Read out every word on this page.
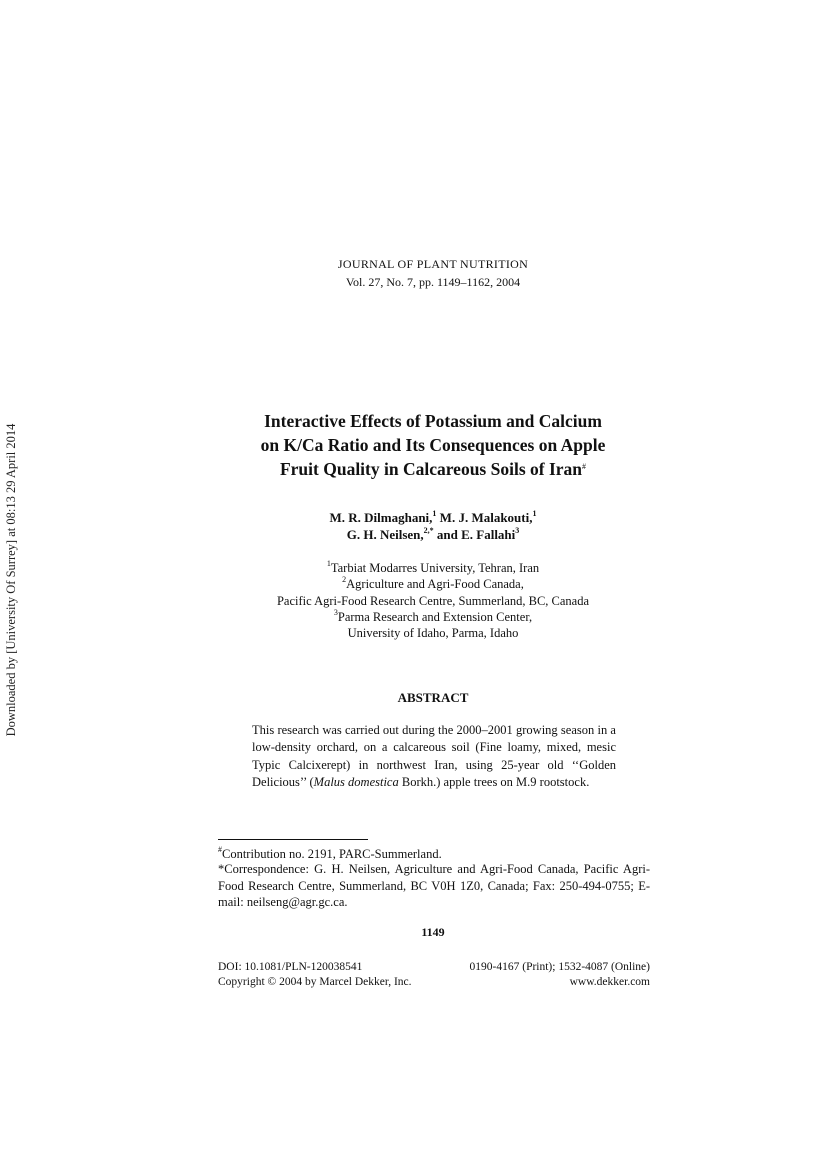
Downloaded by [University Of Surrey] at 08:13 29 April 2014
JOURNAL OF PLANT NUTRITION
Vol. 27, No. 7, pp. 1149–1162, 2004
Interactive Effects of Potassium and Calcium
on K/Ca Ratio and Its Consequences on Apple
Fruit Quality in Calcareous Soils of Iran#
M. R. Dilmaghani,$^1$ M. J. Malakouti,$^1$
G. H. Neilsen,$^{2,*}$ and E. Fallahi$^3$
$^1$Tarbiat Modarres University, Tehran, Iran
$^2$Agriculture and Agri-Food Canada,
Pacific Agri-Food Research Centre, Summerland, BC, Canada
$^3$Parma Research and Extension Center,
University of Idaho, Parma, Idaho
ABSTRACT
This research was carried out during the 2000–2001 growing season in a low-density orchard, on a calcareous soil (Fine loamy, mixed, mesic Typic Calcixerept) in northwest Iran, using 25-year old ‘‘Golden Delicious’’ (Malus domestica Borkh.) apple trees on M.9 rootstock.
#Contribution no. 2191, PARC-Summerland.
*Correspondence: G. H. Neilsen, Agriculture and Agri-Food Canada, Pacific Agri-Food Research Centre, Summerland, BC V0H 1Z0, Canada; Fax: 250-494-0755; E-mail: neilseng@agr.gc.ca.
1149
DOI: 10.1081/PLN-120038541
Copyright © 2004 by Marcel Dekker, Inc.
0190-4167 (Print); 1532-4087 (Online)
www.dekker.com
